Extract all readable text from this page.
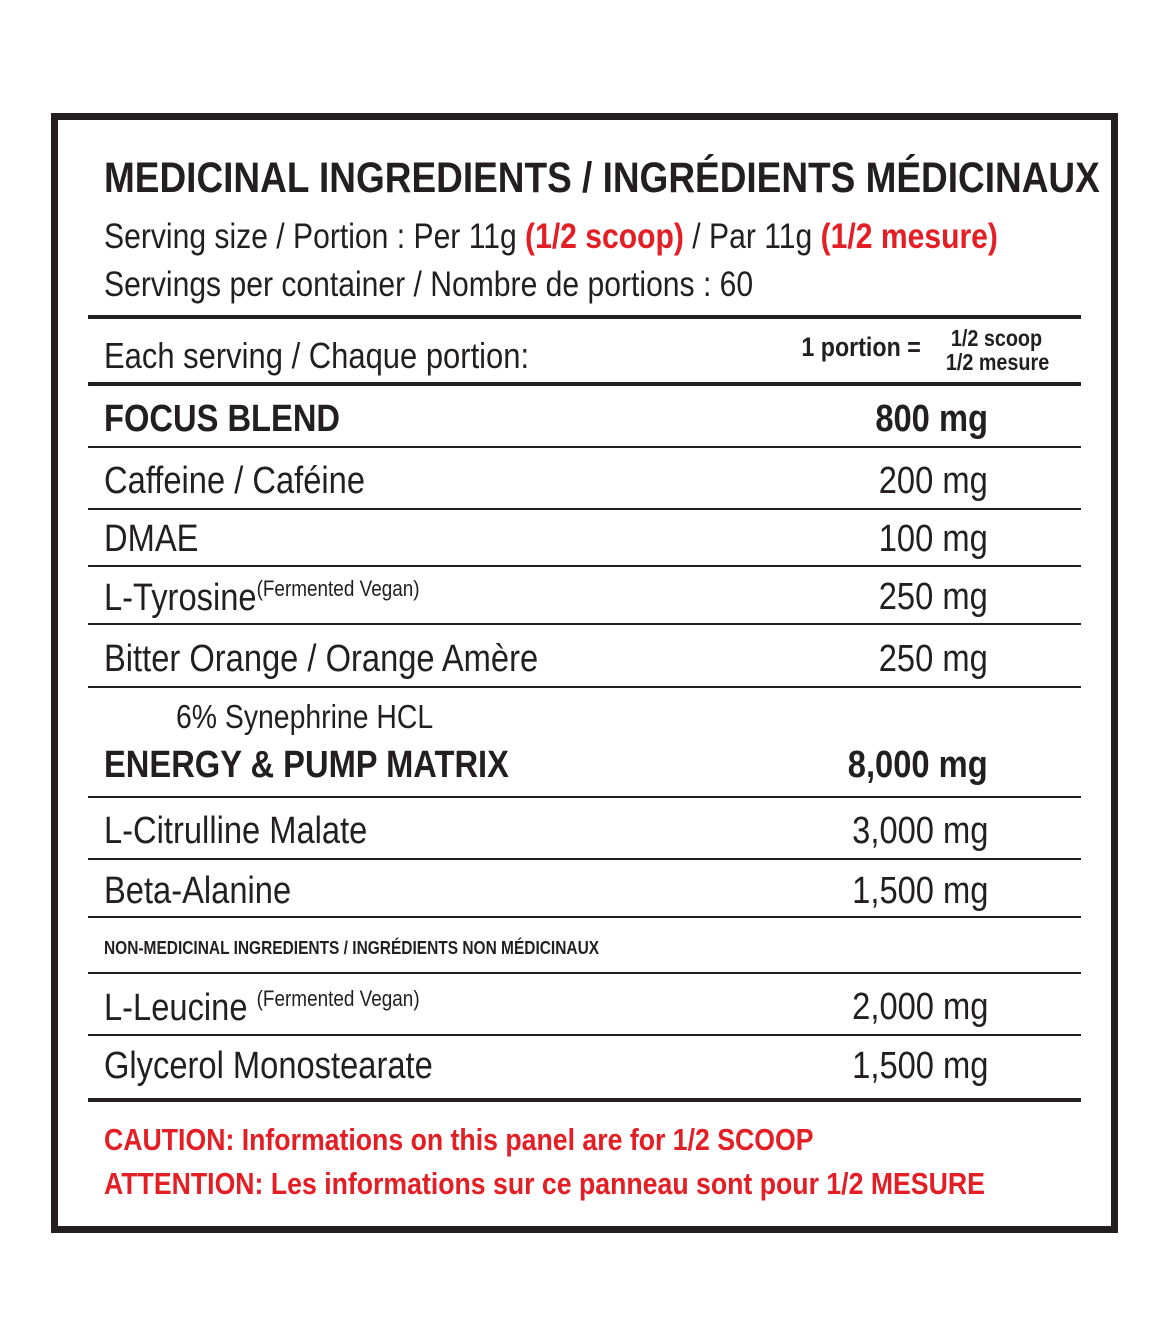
MEDICINAL INGREDIENTS / INGRÉDIENTS MÉDICINAUX
Serving size / Portion : Per 11g (1/2 scoop) / Par 11g (1/2 mesure)
Servings per container / Nombre de portions : 60
Each serving / Chaque portion:	1 portion =	1/2 scoop
1/2 mesure
FOCUS BLEND	800 mg
Caffeine / Caféine	200 mg
DMAE	100 mg
L-Tyrosine$^{(Fermented Vegan)}$	250 mg
Bitter Orange / Orange Amère	250 mg
6% Synephrine HCL
ENERGY & PUMP MATRIX	8,000 mg
L-Citrulline Malate	3,000 mg
Beta-Alanine	1,500 mg
NON-MEDICINAL INGREDIENTS / INGRÉDIENTS NON MÉDICINAUX
L-Leucine $^{(Fermented Vegan)}$	2,000 mg
Glycerol Monostearate	1,500 mg
CAUTION: Informations on this panel are for 1/2 SCOOP
ATTENTION: Les informations sur ce panneau sont pour 1/2 MESURE
